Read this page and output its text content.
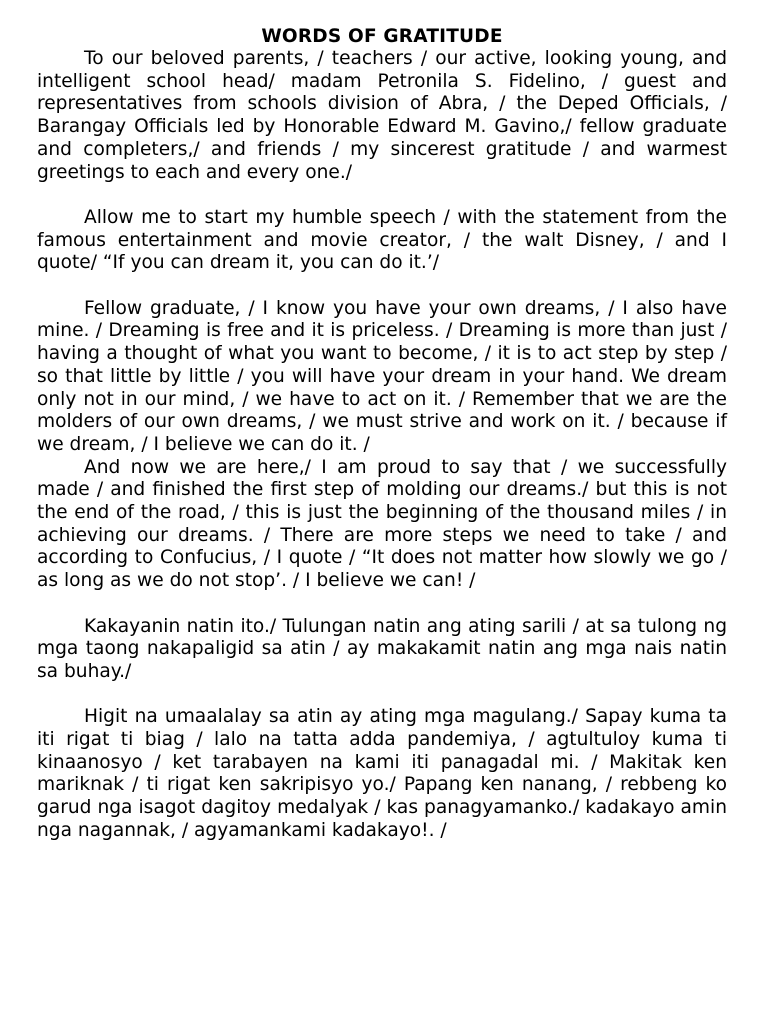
WORDS OF GRATITUDE

To our beloved parents, / teachers / our active, looking young, and intelligent school head/ madam Petronila S. Fidelino, / guest and representatives from schools division of Abra, / the Deped Officials, / Barangay Officials led by Honorable Edward M. Gavino,/ fellow graduate and completers,/ and friends / my sincerest gratitude / and warmest greetings to each and every one./

Allow me to start my humble speech / with the statement from the famous entertainment and movie creator, / the walt Disney, / and I quote/ “If you can dream it, you can do it.’/

Fellow graduate, / I know you have your own dreams, / I also have mine. / Dreaming is free and it is priceless. / Dreaming is more than just / having a thought of what you want to become, / it is to act step by step / so that little by little / you will have your dream in your hand. We dream only not in our mind, / we have to act on it. / Remember that we are the molders of our own dreams, / we must strive and work on it. / because if we dream, / I believe we can do it. /

And now we are here,/ I am proud to say that / we successfully made / and finished the first step of molding our dreams./ but this is not the end of the road, / this is just the beginning of the thousand miles / in achieving our dreams. / There are more steps we need to take / and according to Confucius, / I quote / “It does not matter how slowly we go / as long as we do not stop’. / I believe we can! /

Kakayanin natin ito./ Tulungan natin ang ating sarili / at sa tulong ng mga taong nakapaligid sa atin / ay makakamit natin ang mga nais natin sa buhay./

Higit na umaalalay sa atin ay ating mga magulang./ Sapay kuma ta iti rigat ti biag / lalo na tatta adda pandemiya, / agtultuloy kuma ti kinaanosyo / ket tarabayen na kami iti panagadal mi. / Makitak ken mariknak / ti rigat ken sakripisyo yo./ Papang ken nanang, / rebbeng ko garud nga isagot dagitoy medalyak / kas panagyamanko./ kadakayo amin nga nagannak, / agyamankami kadakayo!. /
